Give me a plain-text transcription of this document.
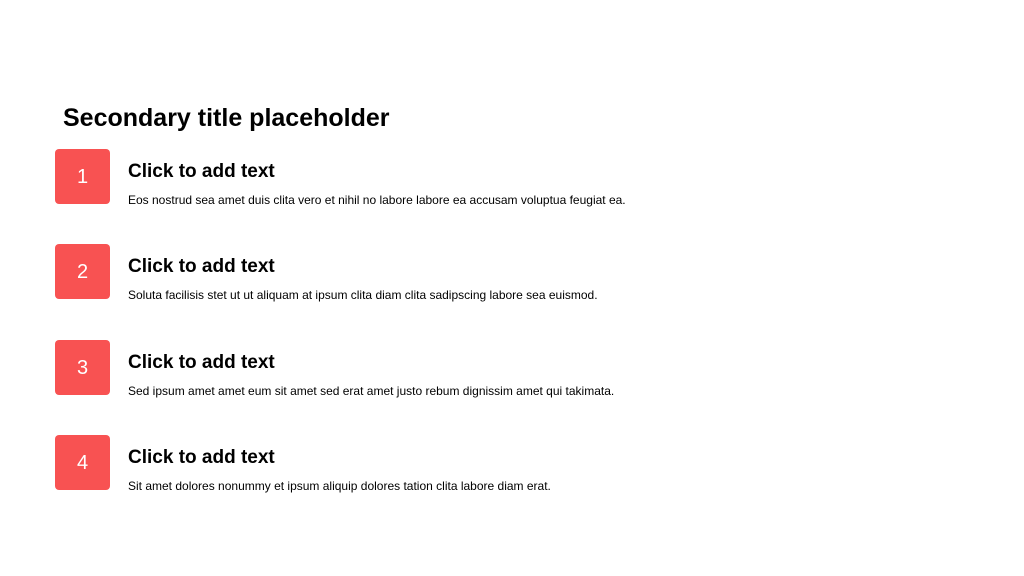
Secondary title placeholder
1	Click to add text
Eos nostrud sea amet duis clita vero et nihil no labore labore ea accusam voluptua feugiat ea.
2	Click to add text
Soluta facilisis stet ut ut aliquam at ipsum clita diam clita sadipscing labore sea euismod.
3	Click to add text
Sed ipsum amet amet eum sit amet sed erat amet justo rebum dignissim amet qui takimata.
4	Click to add text
Sit amet dolores nonummy et ipsum aliquip dolores tation clita labore diam erat.
